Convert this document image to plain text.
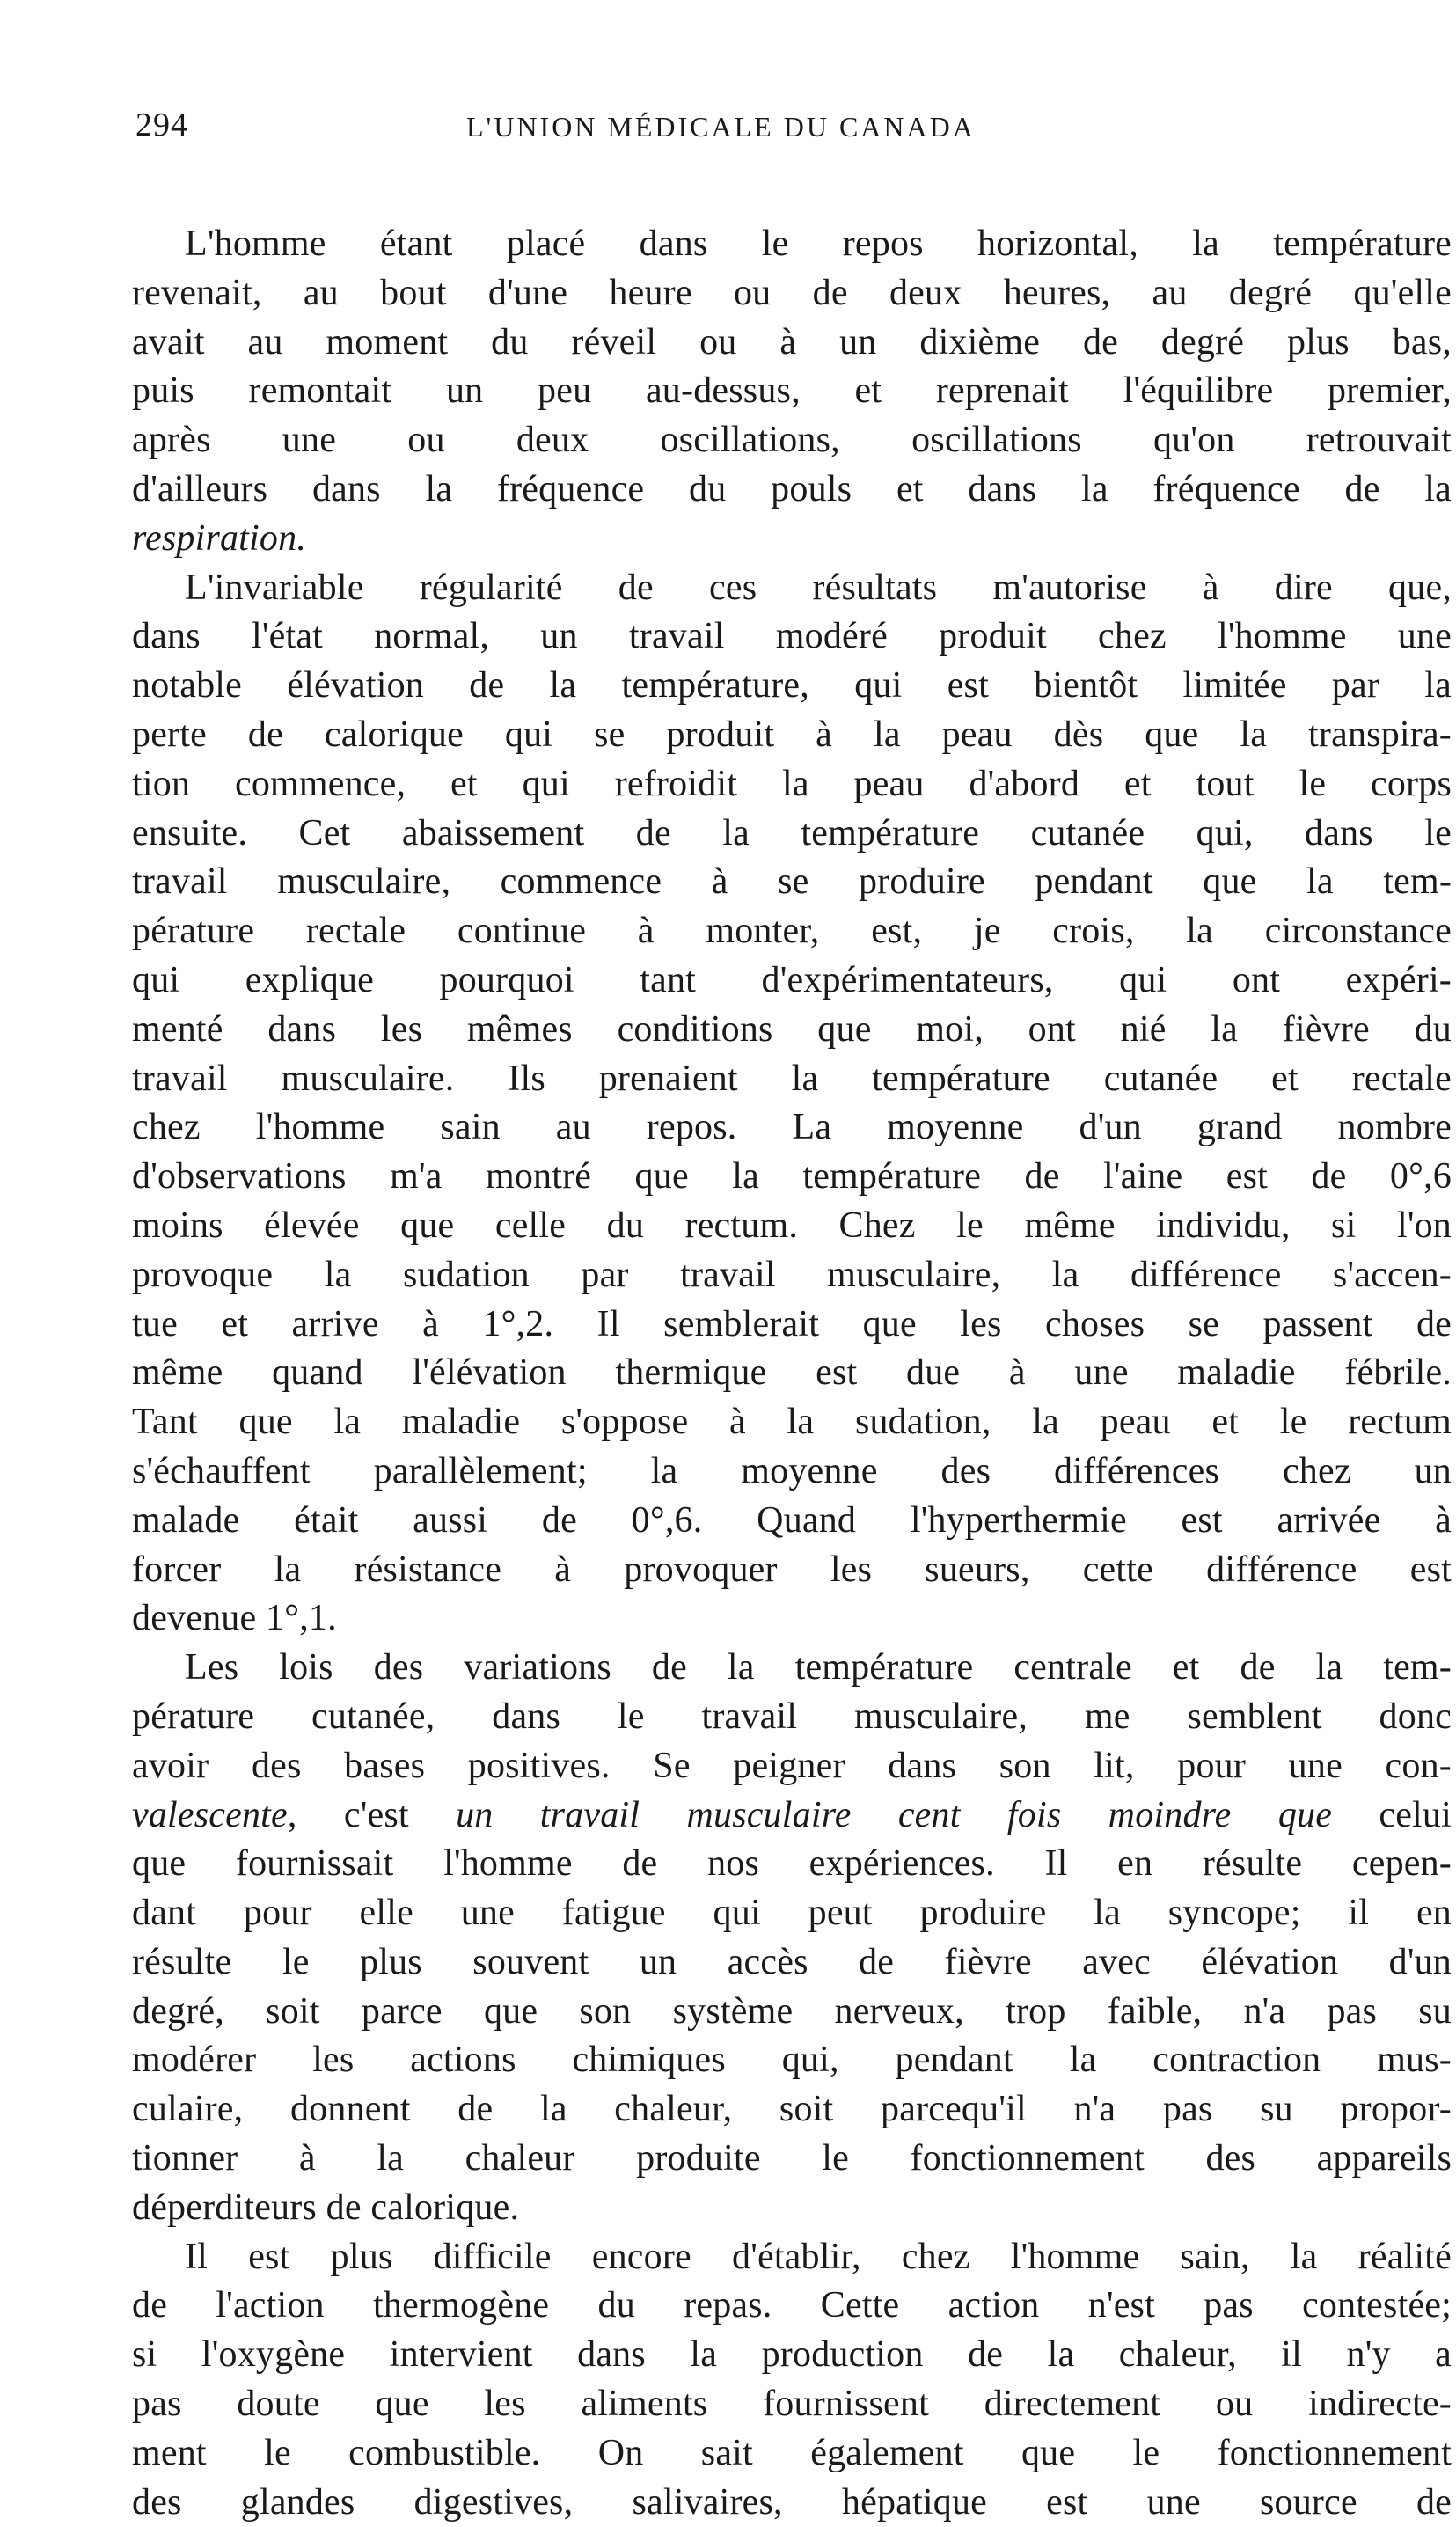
294	L'UNION MÉDICALE DU CANADA
L'homme étant placé dans le repos horizontal, la température
revenait, au bout d'une heure ou de deux heures, au degré qu'elle
avait au moment du réveil ou à un dixième de degré plus bas,
puis remontait un peu au-dessus, et reprenait l'équilibre premier,
après une ou deux oscillations, oscillations qu'on retrouvait
d'ailleurs dans la fréquence du pouls et dans la fréquence de la
respiration.
L'invariable régularité de ces résultats m'autorise à dire que,
dans l'état normal, un travail modéré produit chez l'homme une
notable élévation de la température, qui est bientôt limitée par la
perte de calorique qui se produit à la peau dès que la transpira-
tion commence, et qui refroidit la peau d'abord et tout le corps
ensuite. Cet abaissement de la température cutanée qui, dans le
travail musculaire, commence à se produire pendant que la tem-
pérature rectale continue à monter, est, je crois, la circonstance
qui explique pourquoi tant d'expérimentateurs, qui ont expéri-
menté dans les mêmes conditions que moi, ont nié la fièvre du
travail musculaire. Ils prenaient la température cutanée et rectale
chez l'homme sain au repos. La moyenne d'un grand nombre
d'observations m'a montré que la température de l'aine est de 0°,6
moins élevée que celle du rectum. Chez le même individu, si l'on
provoque la sudation par travail musculaire, la différence s'accen-
tue et arrive à 1°,2. Il semblerait que les choses se passent de
même quand l'élévation thermique est due à une maladie fébrile.
Tant que la maladie s'oppose à la sudation, la peau et le rectum
s'échauffent parallèlement; la moyenne des différences chez un
malade était aussi de 0°,6. Quand l'hyperthermie est arrivée à
forcer la résistance à provoquer les sueurs, cette différence est
devenue 1°,1.
Les lois des variations de la température centrale et de la tem-
pérature cutanée, dans le travail musculaire, me semblent donc
avoir des bases positives. Se peigner dans son lit, pour une con-
valescente, c'est un travail musculaire cent fois moindre que celui
que fournissait l'homme de nos expériences. Il en résulte cepen-
dant pour elle une fatigue qui peut produire la syncope; il en
résulte le plus souvent un accès de fièvre avec élévation d'un
degré, soit parce que son système nerveux, trop faible, n'a pas su
modérer les actions chimiques qui, pendant la contraction mus-
culaire, donnent de la chaleur, soit parcequ'il n'a pas su propor-
tionner à la chaleur produite le fonctionnement des appareils
déperditeurs de calorique.
Il est plus difficile encore d'établir, chez l'homme sain, la réalité
de l'action thermogène du repas. Cette action n'est pas contestée;
si l'oxygène intervient dans la production de la chaleur, il n'y a
pas doute que les aliments fournissent directement ou indirecte-
ment le combustible. On sait également que le fonctionnement
des glandes digestives, salivaires, hépatique est une source de
